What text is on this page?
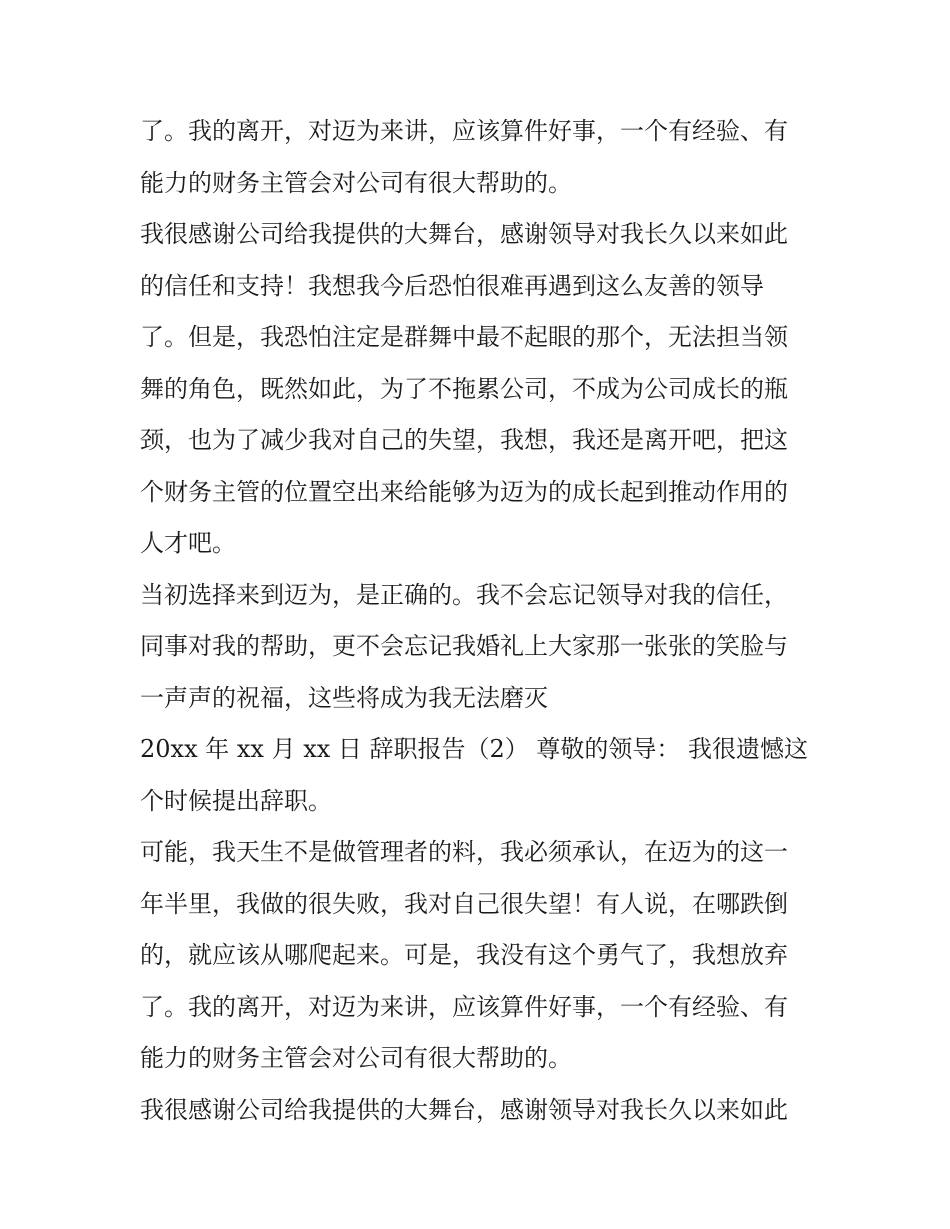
了。我的离开，对迈为来讲，应该算件好事，一个有经验、有
能力的财务主管会对公司有很大帮助的。
我很感谢公司给我提供的大舞台，感谢领导对我长久以来如此
的信任和支持！我想我今后恐怕很难再遇到这么友善的领导
了。但是，我恐怕注定是群舞中最不起眼的那个，无法担当领
舞的角色，既然如此，为了不拖累公司，不成为公司成长的瓶
颈，也为了减少我对自己的失望，我想，我还是离开吧，把这
个财务主管的位置空出来给能够为迈为的成长起到推动作用的
人才吧。
当初选择来到迈为，是正确的。我不会忘记领导对我的信任，
同事对我的帮助，更不会忘记我婚礼上大家那一张张的笑脸与
一声声的祝福，这些将成为我无法磨灭
20xx 年 xx 月 xx 日 辞职报告（2） 尊敬的领导： 我很遗憾这
个时候提出辞职。
可能，我天生不是做管理者的料，我必须承认，在迈为的这一
年半里，我做的很失败，我对自己很失望！有人说，在哪跌倒
的，就应该从哪爬起来。可是，我没有这个勇气了，我想放弃
了。我的离开，对迈为来讲，应该算件好事，一个有经验、有
能力的财务主管会对公司有很大帮助的。
我很感谢公司给我提供的大舞台，感谢领导对我长久以来如此
